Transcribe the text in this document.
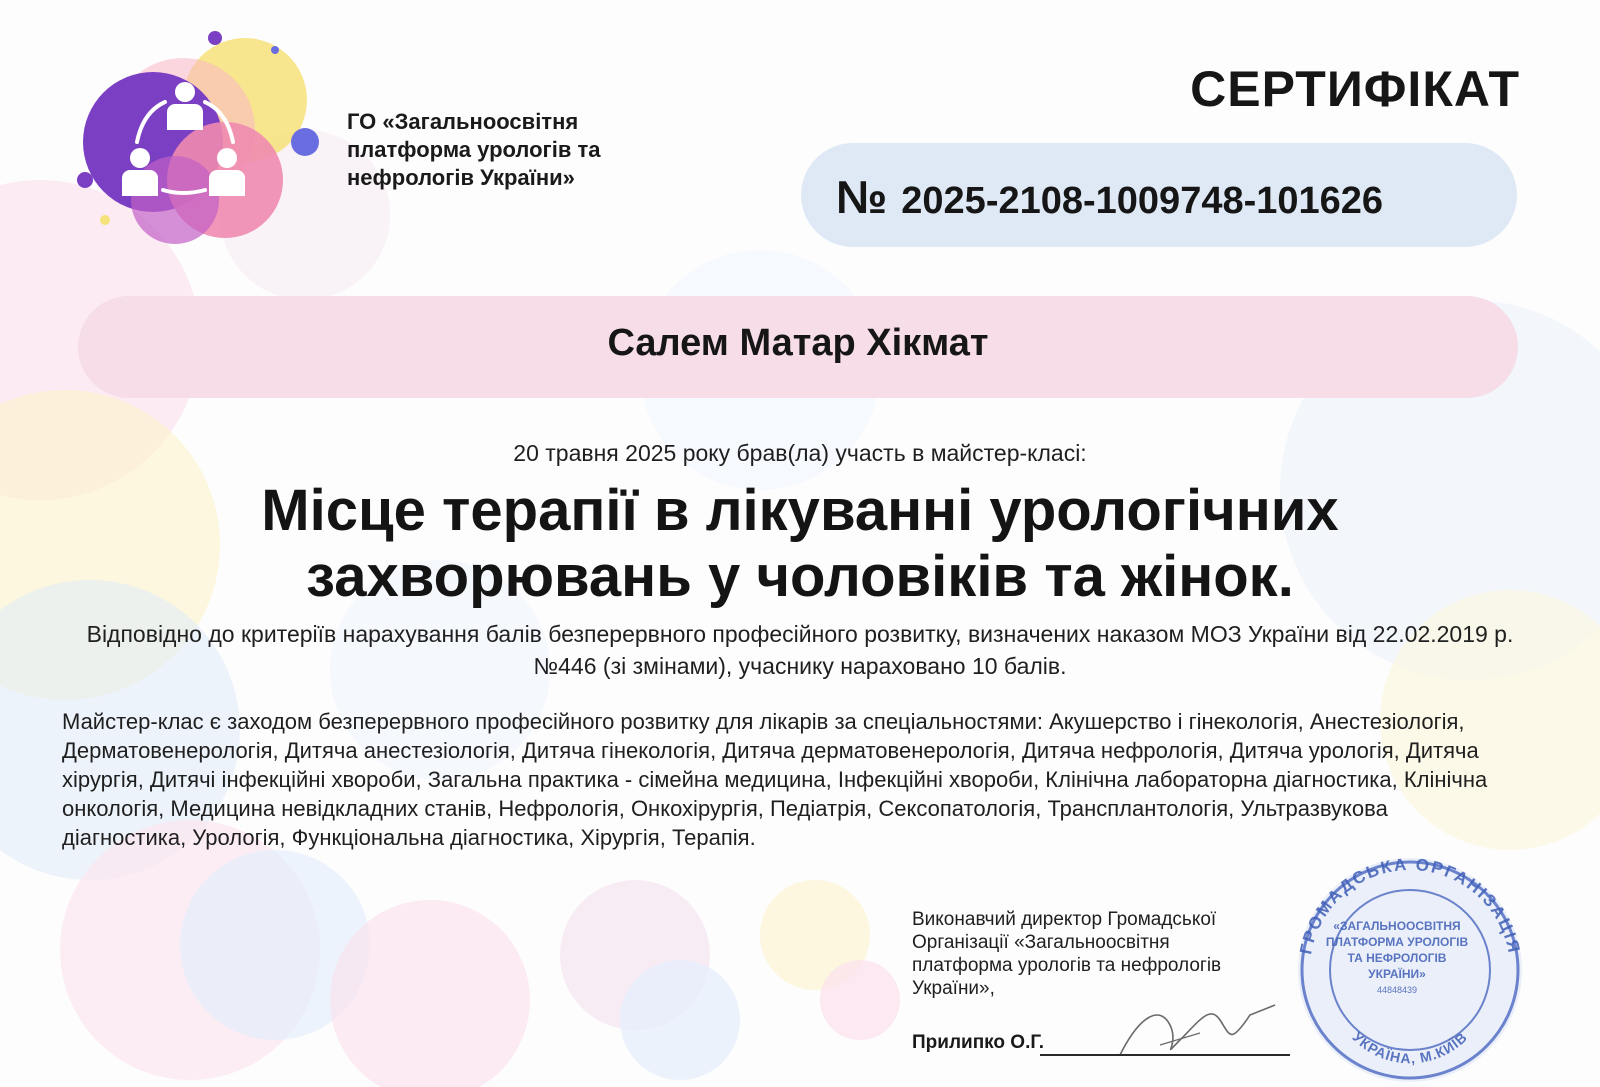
ГО «Загальноосвітня платформа урологів та нефрологів України»
СЕРТИФІКАТ
№ 2025-2108-1009748-101626
Салем Матар Хікмат
20 травня 2025 року брав(ла) участь в майстер-класі:
Місце терапії в лікуванні урологічних захворювань у чоловіків та жінок.
Відповідно до критеріїв нарахування балів безперервного професійного розвитку, визначених наказом МОЗ України від 22.02.2019 р. №446 (зі змінами), учаснику нараховано 10 балів.
Майстер-клас є заходом безперервного професійного розвитку для лікарів за спеціальностями: Акушерство і гінекологія, Анестезіологія, Дерматовенерологія, Дитяча анестезіологія, Дитяча гінекологія, Дитяча дерматовенерологія, Дитяча нефрологія, Дитяча урологія, Дитяча хірургія, Дитячі інфекційні хвороби, Загальна практика - сімейна медицина, Інфекційні хвороби, Клінічна лабораторна діагностика, Клінічна онкологія, Медицина невідкладних станів, Нефрологія, Онкохірургія, Педіатрія, Сексопатологія, Трансплантологія, Ультразвукова діагностика, Урологія, Функціональна діагностика, Хірургія, Терапія.
Виконавчий директор Громадської Організації «Загальноосвітня платформа урологів та нефрологів України»,
Прилипко О.Г.
ГРОМАДСЬКА ОРГАНІЗАЦІЯ
УКРАЇНА, М.КИЇВ
«ЗАГАЛЬНООСВІТНЯ
ПЛАТФОРМА УРОЛОГІВ
ТА НЕФРОЛОГІВ УКРАЇНИ»
44848439
